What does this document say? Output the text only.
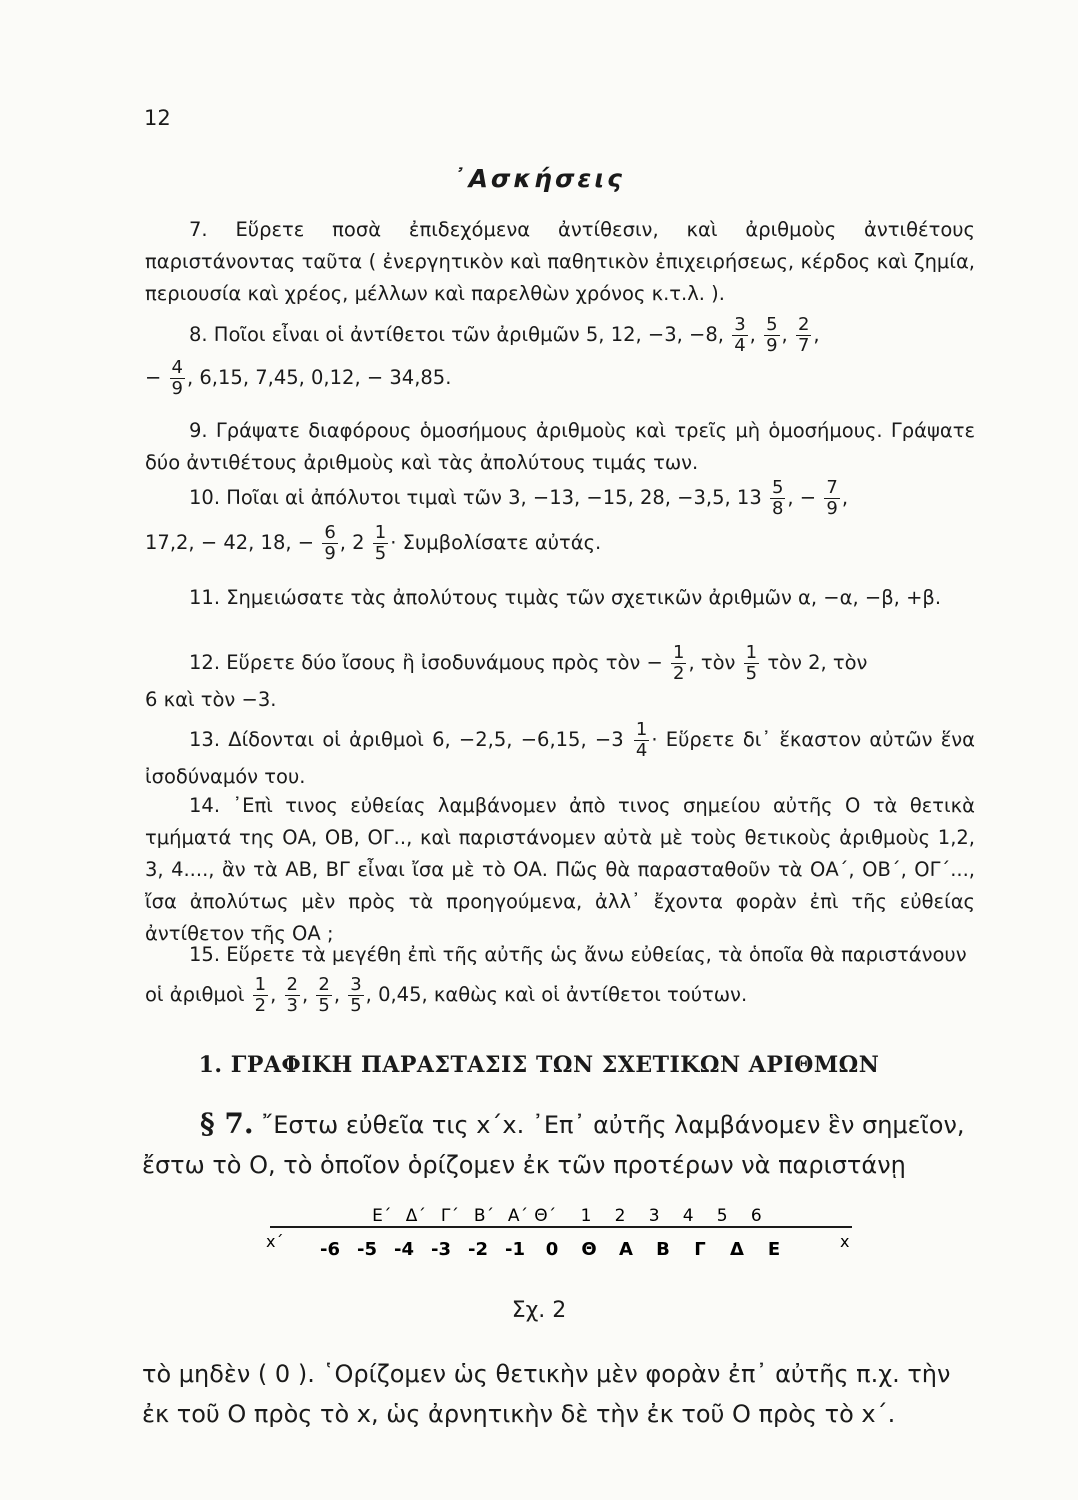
12
᾿Ασκήσεις
7. Εὕρετε ποσὰ ἐπιδεχόμενα ἀντίθεσιν, καὶ ἀριθμοὺς ἀντιθέτους παριστάνοντας ταῦτα ( ἐνεργητικὸν καὶ παθητικὸν ἐπιχειρήσεως, κέρδος καὶ ζημία, περιουσία καὶ χρέος, μέλλων καὶ παρελθὼν χρόνος κ.τ.λ. ).
8. Ποῖοι εἶναι οἱ ἀντίθετοι τῶν ἀριθμῶν 5, 12, −3, −8, $\frac{3}{4}$ , $\frac{5}{9}$ , $\frac{2}{7}$ ,
− $\frac{4}{9}$ , 6,15, 7,45, 0,12, − 34,85.
9. Γράψατε διαφόρους ὁμοσήμους ἀριθμοὺς καὶ τρεῖς μὴ ὁμοσήμους. Γράψατε δύο ἀντιθέτους ἀριθμοὺς καὶ τὰς ἀπολύτους τιμάς των.
10. Ποῖαι αἱ ἀπόλυτοι τιμαὶ τῶν 3, −13, −15, 28, −3,5, $13 \frac{5}{8}$ , − $\frac{7}{9}$ ,
17,2, − 42, 18, − $\frac{6}{9}$ , $2 \frac{1}{5} \cdot \Sigma\upsilon\mu\beta o\lambda ί\sigma\alpha\tau\varepsilon$ αὐτάς.
11. Σημειώσατε τὰς ἀπολύτους τιμὰς τῶν σχετικῶν ἀριθμῶν α, −α, −β, +β.
12. Εὕρετε δύο ἴσους ἢ ἰσοδυνάμους πρὸς τὸν − $\frac{1}{2}$ , τὸν $\frac{1}{5}$ τὸν 2, τὸν
6 καὶ τὸν −3.
13. Δίδονται οἱ ἀριθμοὶ 6, −2,5, −6,15, $-3 \frac{1}{4}$ · Εὕρετε δι᾿ ἕκαστον αὐτῶν ἕνα ἰσοδύναμόν του.
14. ᾿Επὶ τινος εὐθείας λαμβάνομεν ἀπὸ τινος σημείου αὐτῆς Ο τὰ θετικὰ τμήματά της ΟΑ, ΟΒ, ΟΓ.., καὶ παριστάνομεν αὐτὰ μὲ τοὺς θετικοὺς ἀριθμοὺς 1,2, 3, 4...., ἂν τὰ ΑΒ, ΒΓ εἶναι ἴσα μὲ τὸ ΟΑ. Πῶς θὰ παρασταθοῦν τὰ ΟΑ΄, ΟΒ΄, ΟΓ΄..., ἴσα ἀπολύτως μὲν πρὸς τὰ προηγούμενα, ἀλλ᾿ ἔχοντα φορὰν ἐπὶ τῆς εὐθείας ἀντίθετον τῆς ΟΑ ;
15. Εὕρετε τὰ μεγέθη ἐπὶ τῆς αὐτῆς ὡς ἄνω εὐθείας, τὰ ὁποῖα θὰ παριστάνουν
οἱ ἀριθμοὶ $\frac{1}{2}$ , $\frac{2}{3}$ , $\frac{2}{5}$ , $\frac{3}{5}$ , 0,45, καθὼς καὶ οἱ ἀντίθετοι τούτων.
1. ΓΡΑΦΙΚΗ ΠΑΡΑΣΤΑΣΙΣ ΤΩΝ ΣΧΕΤΙΚΩΝ ΑΡΙΘΜΩΝ
§ 7. ῎Εστω εὐθεῖα τις x΄x. ᾿Επ᾿ αὐτῆς λαμβάνομεν ἓν σημεῖον, ἔστω τὸ Ο, τὸ ὁποῖον ὁρίζομεν ἐκ τῶν προτέρων νὰ παριστάνῃ
x΄	x
Ε΄ Δ΄ Γ΄ Β΄ Α΄ Θ΄ 1 2 3 4 5 6
-6 -5 -4 -3 -2 -1 0 Θ Α Β Γ Δ Ε
Σχ. 2
τὸ μηδὲν ( 0 ). ῾Ορίζομεν ὡς θετικὴν μὲν φορὰν ἐπ᾿ αὐτῆς π.χ. τὴν ἐκ τοῦ Ο πρὸς τὸ x, ὡς ἀρνητικὴν δὲ τὴν ἐκ τοῦ Ο πρὸς τὸ x΄.
